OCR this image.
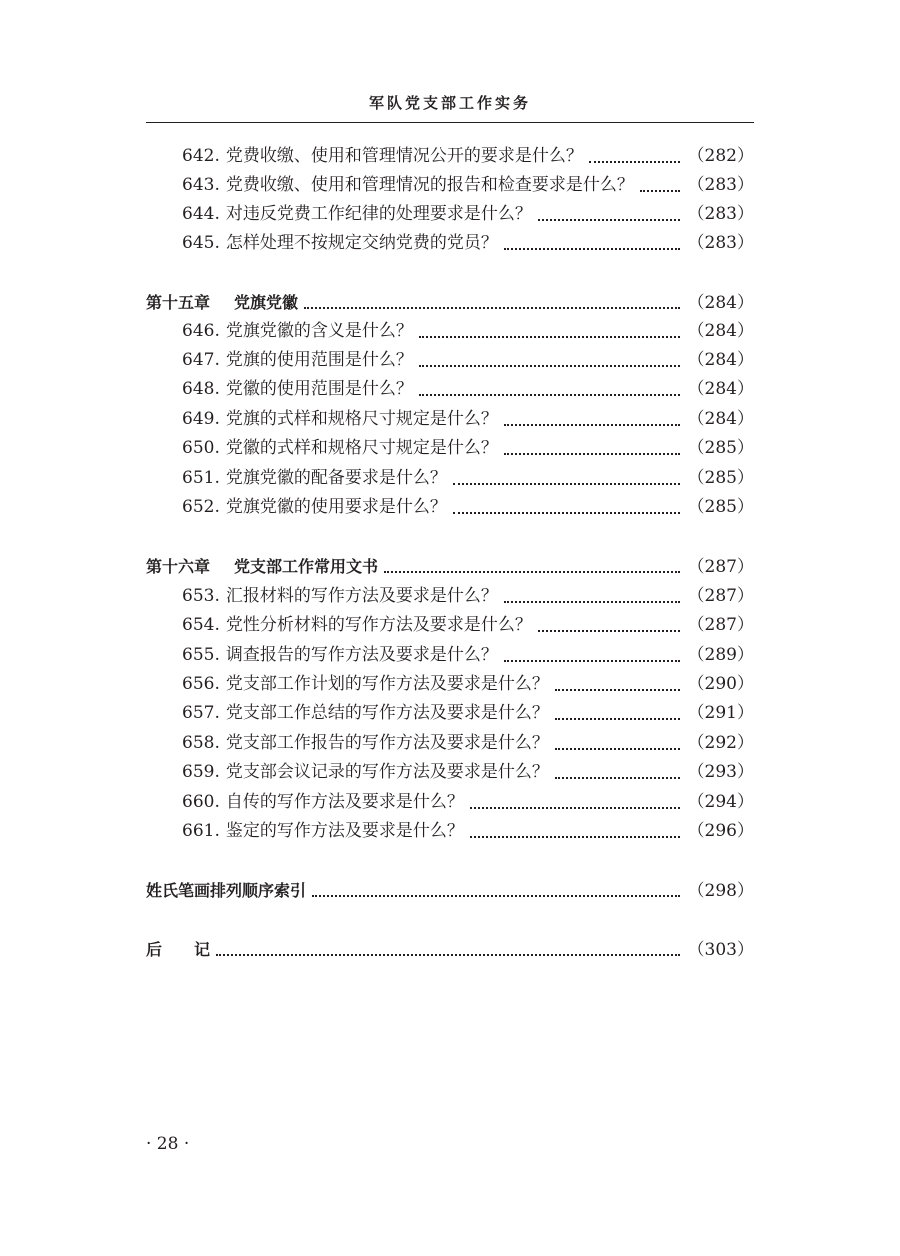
军队党支部工作实务
642. 党费收缴、使用和管理情况公开的要求是什么？	（282）
643. 党费收缴、使用和管理情况的报告和检查要求是什么？	（283）
644. 对违反党费工作纪律的处理要求是什么？	（283）
645. 怎样处理不按规定交纳党费的党员？	（283）
第十五章 党旗党徽	（284）
646. 党旗党徽的含义是什么？	（284）
647. 党旗的使用范围是什么？	（284）
648. 党徽的使用范围是什么？	（284）
649. 党旗的式样和规格尺寸规定是什么？	（284）
650. 党徽的式样和规格尺寸规定是什么？	（285）
651. 党旗党徽的配备要求是什么？	（285）
652. 党旗党徽的使用要求是什么？	（285）
第十六章 党支部工作常用文书	（287）
653. 汇报材料的写作方法及要求是什么？	（287）
654. 党性分析材料的写作方法及要求是什么？	（287）
655. 调查报告的写作方法及要求是什么？	（289）
656. 党支部工作计划的写作方法及要求是什么？	（290）
657. 党支部工作总结的写作方法及要求是什么？	（291）
658. 党支部工作报告的写作方法及要求是什么？	（292）
659. 党支部会议记录的写作方法及要求是什么？	（293）
660. 自传的写作方法及要求是什么？	（294）
661. 鉴定的写作方法及要求是什么？	（296）
姓氏笔画排列顺序索引	（298）
后　　记	（303）
· 28 ·
